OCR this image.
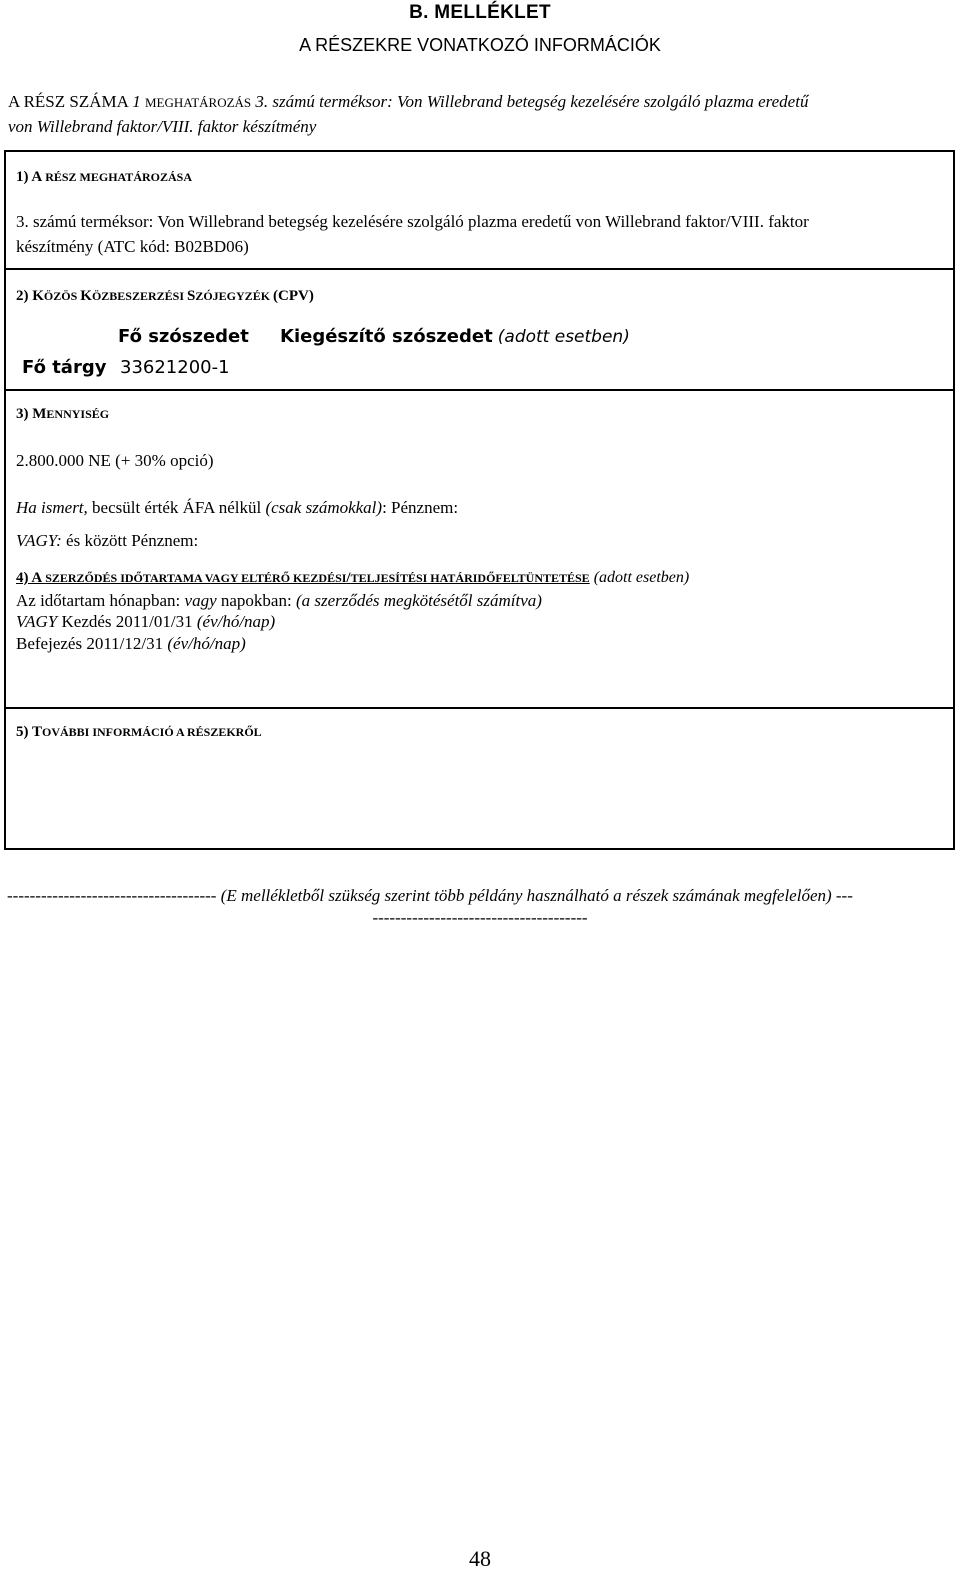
B. MELLÉKLET
A RÉSZEKRE VONATKOZÓ INFORMÁCIÓK
A RÉSZ SZÁMA 1 MEGHATÁROZÁS 3. számú terméksor: Von Willebrand betegség kezelésére szolgáló plazma eredetű
von Willebrand faktor/VIII. faktor készítmény
1) A RÉSZ MEGHATÁROZÁSA
3. számú terméksor: Von Willebrand betegség kezelésére szolgáló plazma eredetű von Willebrand faktor/VIII. faktor
készítmény (ATC kód: B02BD06)
2) KÖZÖS KÖZBESZERZÉSI SZÓJEGYZÉK (CPV)
Fő szószedet Kiegészítő szószedet (adott esetben)
Fő tárgy 33621200-1
3) MENNYISÉG
2.800.000 NE (+ 30% opció)
Ha ismert, becsült érték ÁFA nélkül (csak számokkal): Pénznem:
VAGY: és között Pénznem:
4) A SZERZŐDÉS IDŐTARTAMA VAGY ELTÉRŐ KEZDÉSI/TELJESÍTÉSI HATÁRIDŐFELTÜNTETÉSE (adott esetben)
Az időtartam hónapban: vagy napokban: (a szerződés megkötésétől számítva)
VAGY Kezdés 2011/01/31 (év/hó/nap)
Befejezés 2011/12/31 (év/hó/nap)
5) TOVÁBBI INFORMÁCIÓ A RÉSZEKRŐL
------------------------------------- (E mellékletből szükség szerint több példány használható a részek számának megfelelően) ---
--------------------------------------
48
